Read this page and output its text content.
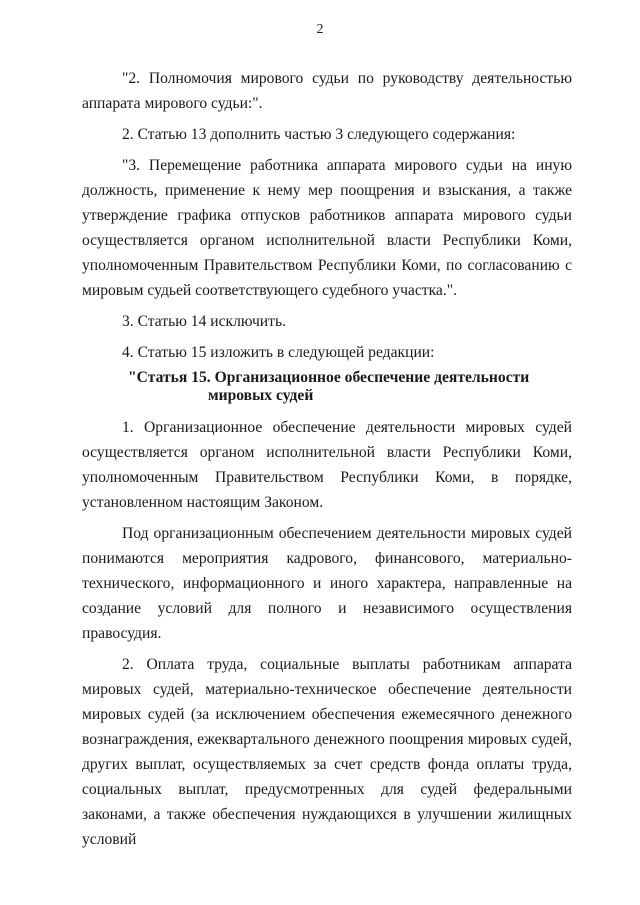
2

"2. Полномочия мирового судьи по руководству деятельностью аппарата мирового судьи:".

2. Статью 13 дополнить частью 3 следующего содержания:

"3. Перемещение работника аппарата мирового судьи на иную должность, применение к нему мер поощрения и взыскания, а также утверждение графика отпусков работников аппарата мирового судьи осуществляется органом исполнительной власти Республики Коми, уполномоченным Правительством Республики Коми, по согласованию с мировым судьей соответствующего судебного участка.".

3. Статью 14 исключить.

4. Статью 15 изложить в следующей редакции:

"Статья 15. Организационное обеспечение деятельности
мировых судей

1. Организационное обеспечение деятельности мировых судей осуществляется органом исполнительной власти Республики Коми, уполномоченным Правительством Республики Коми, в порядке, установленном настоящим Законом.

Под организационным обеспечением деятельности мировых судей понимаются мероприятия кадрового, финансового, материально-технического, информационного и иного характера, направленные на создание условий для полного и независимого осуществления правосудия.

2. Оплата труда, социальные выплаты работникам аппарата мировых судей, материально-техническое обеспечение деятельности мировых судей (за исключением обеспечения ежемесячного денежного вознаграждения, ежеквартального денежного поощрения мировых судей, других выплат, осуществляемых за счет средств фонда оплаты труда, социальных выплат, предусмотренных для судей федеральными законами, а также обеспечения нуждающихся в улучшении жилищных условий
